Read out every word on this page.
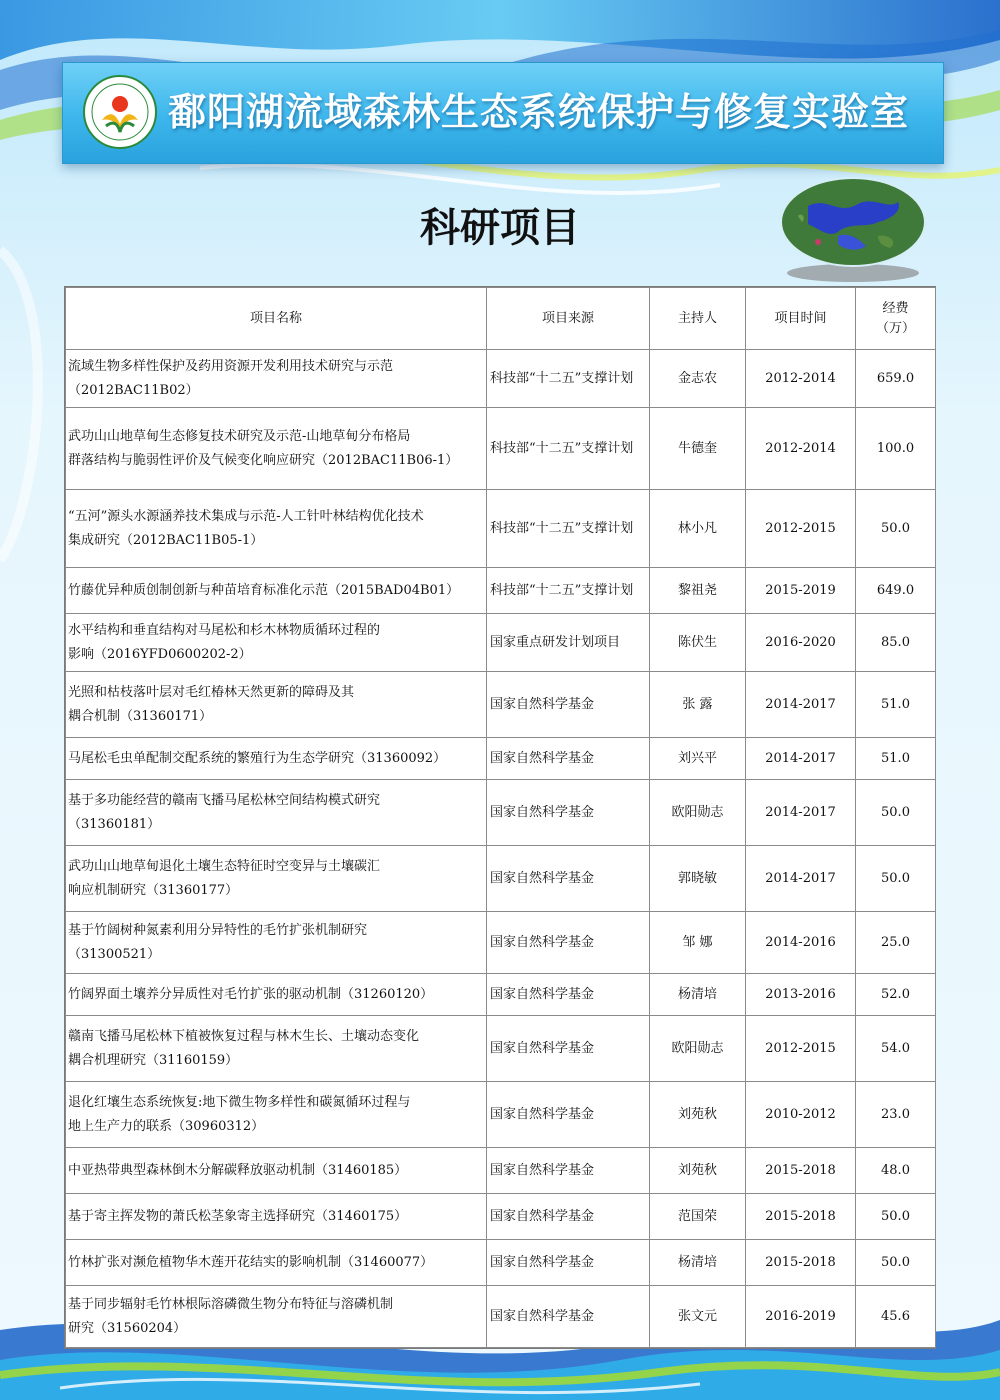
鄱阳湖流域森林生态系统保护与修复实验室
科研项目
项目名称	项目来源	主持人	项目时间	经费
（万）
流域生物多样性保护及药用资源开发利用技术研究与示范
（2012BAC11B02）	科技部“十二五”支撑计划	金志农	2012-2014	659.0
武功山山地草甸生态修复技术研究及示范-山地草甸分布格局
群落结构与脆弱性评价及气候变化响应研究（2012BAC11B06-1）	科技部“十二五”支撑计划	牛德奎	2012-2014	100.0
“五河”源头水源涵养技术集成与示范-人工针叶林结构优化技术
集成研究（2012BAC11B05-1）	科技部“十二五”支撑计划	林小凡	2012-2015	50.0
竹藤优异种质创制创新与种苗培育标准化示范（2015BAD04B01）	科技部“十二五”支撑计划	黎祖尧	2015-2019	649.0
水平结构和垂直结构对马尾松和杉木林物质循环过程的
影响（2016YFD0600202-2）	国家重点研发计划项目	陈伏生	2016-2020	85.0
光照和枯枝落叶层对毛红椿林天然更新的障碍及其
耦合机制（31360171）	国家自然科学基金	张 露	2014-2017	51.0
马尾松毛虫单配制交配系统的繁殖行为生态学研究（31360092）	国家自然科学基金	刘兴平	2014-2017	51.0
基于多功能经营的赣南飞播马尾松林空间结构模式研究
（31360181）	国家自然科学基金	欧阳勋志	2014-2017	50.0
武功山山地草甸退化土壤生态特征时空变异与土壤碳汇
响应机制研究（31360177）	国家自然科学基金	郭晓敏	2014-2017	50.0
基于竹阔树种氮素利用分异特性的毛竹扩张机制研究
（31300521）	国家自然科学基金	邹 娜	2014-2016	25.0
竹阔界面土壤养分异质性对毛竹扩张的驱动机制（31260120）	国家自然科学基金	杨清培	2013-2016	52.0
赣南飞播马尾松林下植被恢复过程与林木生长、土壤动态变化
耦合机理研究（31160159）	国家自然科学基金	欧阳勋志	2012-2015	54.0
退化红壤生态系统恢复:地下微生物多样性和碳氮循环过程与
地上生产力的联系（30960312）	国家自然科学基金	刘苑秋	2010-2012	23.0
中亚热带典型森林倒木分解碳释放驱动机制（31460185）	国家自然科学基金	刘苑秋	2015-2018	48.0
基于寄主挥发物的萧氏松茎象寄主选择研究（31460175）	国家自然科学基金	范国荣	2015-2018	50.0
竹林扩张对濒危植物华木莲开花结实的影响机制（31460077）	国家自然科学基金	杨清培	2015-2018	50.0
基于同步辐射毛竹林根际溶磷微生物分布特征与溶磷机制
研究（31560204）	国家自然科学基金	张文元	2016-2019	45.6
